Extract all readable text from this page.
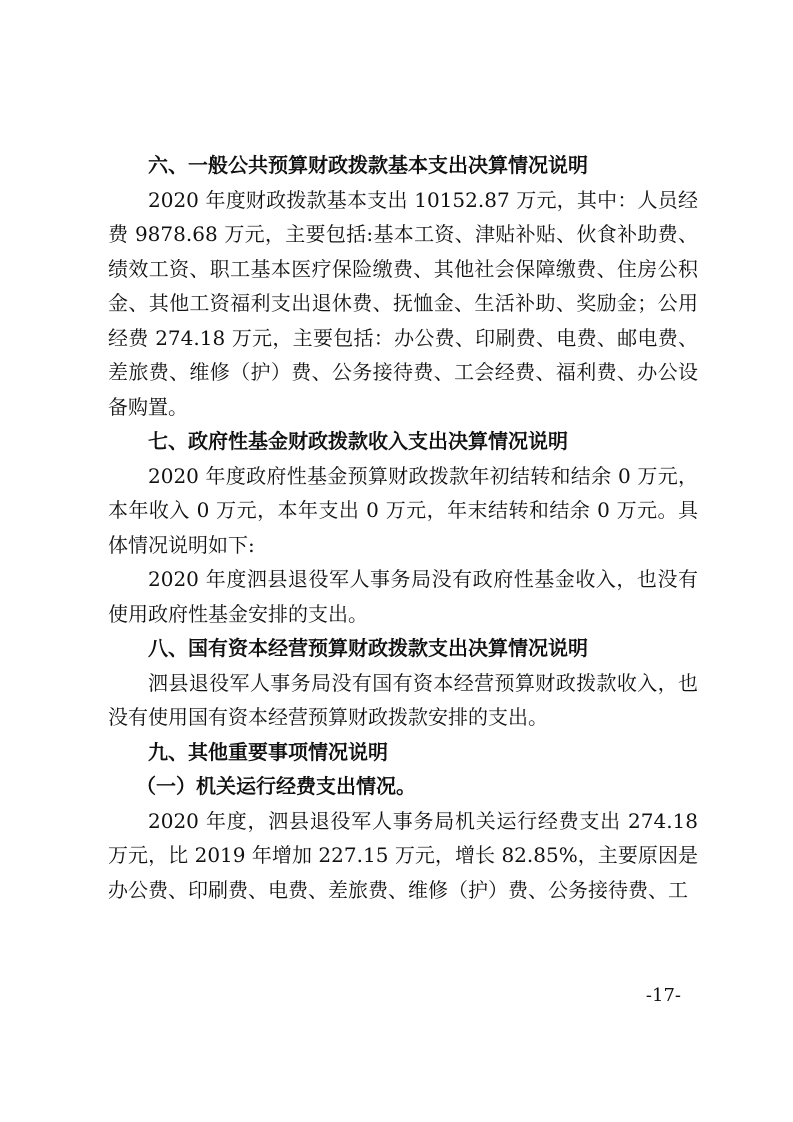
六、一般公共预算财政拨款基本支出决算情况说明

2020 年度财政拨款基本支出 10152.87 万元，其中：人员经费 9878.68 万元，主要包括:基本工资、津贴补贴、伙食补助费、绩效工资、职工基本医疗保险缴费、其他社会保障缴费、住房公积金、其他工资福利支出退休费、抚恤金、生活补助、奖励金；公用经费 274.18 万元，主要包括：办公费、印刷费、电费、邮电费、差旅费、维修（护）费、公务接待费、工会经费、福利费、办公设备购置。

七、政府性基金财政拨款收入支出决算情况说明

2020 年度政府性基金预算财政拨款年初结转和结余 0 万元，本年收入 0 万元，本年支出 0 万元，年末结转和结余 0 万元。具体情况说明如下:

2020 年度泗县退役军人事务局没有政府性基金收入，也没有使用政府性基金安排的支出。

八、国有资本经营预算财政拨款支出决算情况说明

泗县退役军人事务局没有国有资本经营预算财政拨款收入，也没有使用国有资本经营预算财政拨款安排的支出。

九、其他重要事项情况说明

（一）机关运行经费支出情况。

2020 年度，泗县退役军人事务局机关运行经费支出 274.18 万元，比 2019 年增加 227.15 万元，增长 82.85%，主要原因是办公费、印刷费、电费、差旅费、维修（护）费、公务接待费、工

-17-
